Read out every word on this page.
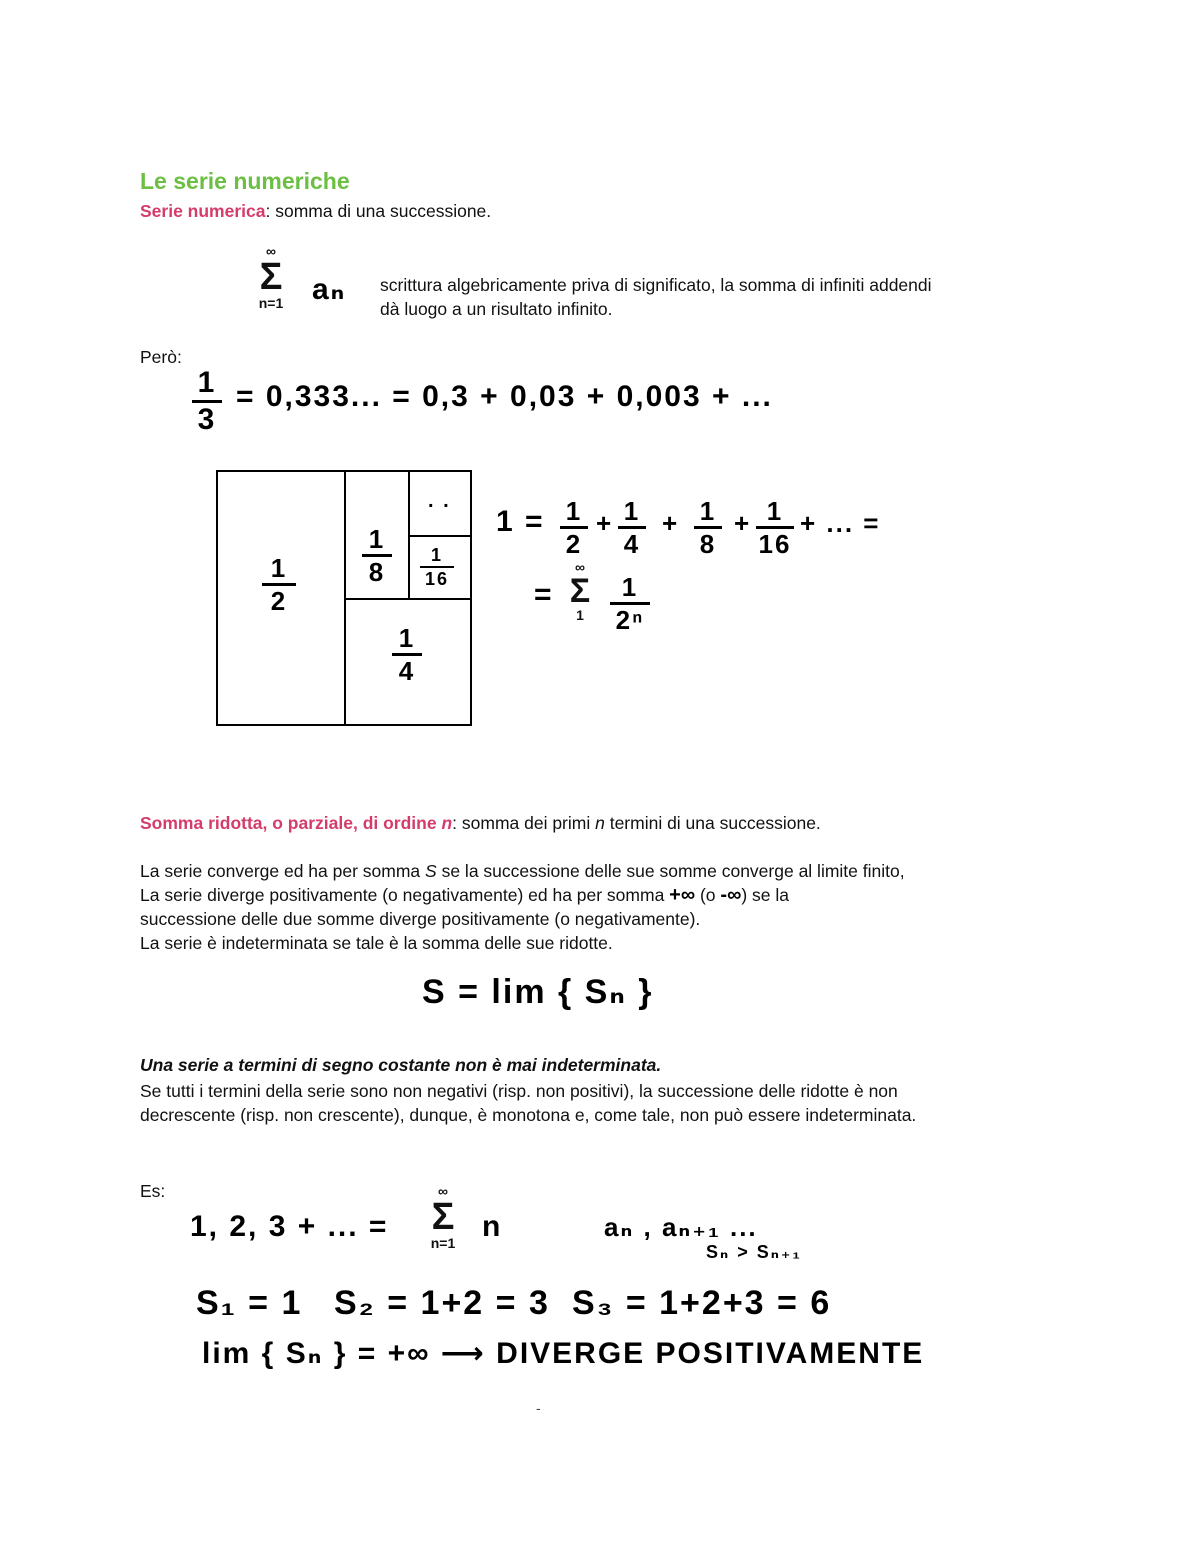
Le serie numeriche
Serie numerica: somma di una successione.
∞
Σ
n=1 aₙ scrittura algebricamente priva di significato, la somma di infiniti addendi
dà luogo a un risultato infinito.
Però:
1
3
= 0,333... = 0,3 + 0,03 + 0,003 + ...
1
2
1
8
1
16
1
4
. .
1 = 1
2
+ 1
4
+ 1
8
+ 1
16
+ ... =
=
∞
Σ
1
1
2ⁿ
Somma ridotta, o parziale, di ordine n: somma dei primi n termini di una successione.
La serie converge ed ha per somma S se la successione delle sue somme converge al limite finito,
La serie diverge positivamente (o negativamente) ed ha per somma +∞ (o -∞) se la
successione delle due somme diverge positivamente (o negativamente).
La serie è indeterminata se tale è la somma delle sue ridotte.
S = lim { Sₙ }
Una serie a termini di segno costante non è mai indeterminata.
Se tutti i termini della serie sono non negativi (risp. non positivi), la successione delle ridotte è non
decrescente (risp. non crescente), dunque, è monotona e, come tale, non può essere indeterminata.
Es:
1, 2, 3 + ... =
∞
Σ
n=1 n	aₙ , aₙ₊₁ ...
Sₙ > Sₙ₊₁
S₁ = 1 S₂ = 1+2 = 3 S₃ = 1+2+3 = 6
lim { Sₙ } = +∞ ⟶ DIVERGE POSITIVAMENTE
-
